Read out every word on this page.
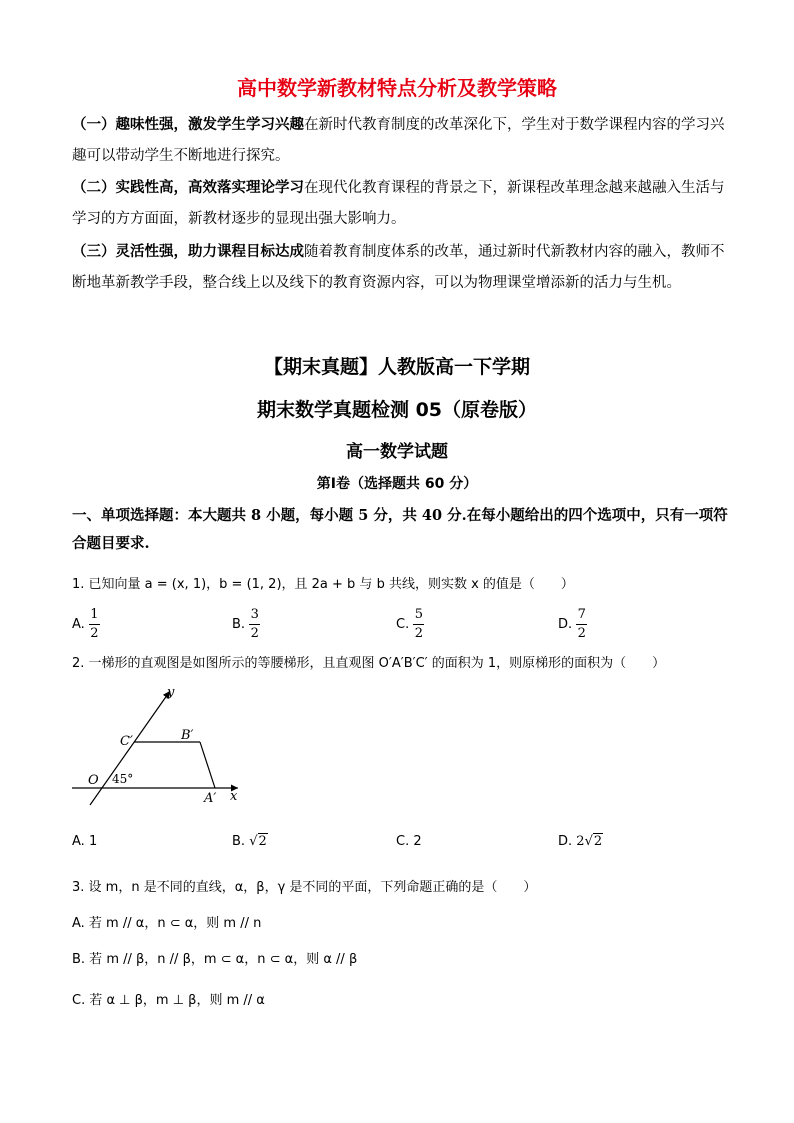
高中数学新教材特点分析及教学策略
（一）趣味性强，激发学生学习兴趣在新时代教育制度的改革深化下，学生对于数学课程内容的学习兴趣可以带动学生不断地进行探究。
（二）实践性高，高效落实理论学习在现代化教育课程的背景之下，新课程改革理念越来越融入生活与学习的方方面面，新教材逐步的显现出强大影响力。
（三）灵活性强，助力课程目标达成随着教育制度体系的改革，通过新时代新教材内容的融入，教师不断地革新教学手段，整合线上以及线下的教育资源内容，可以为物理课堂增添新的活力与生机。
【期末真题】人教版高一下学期
期末数学真题检测 05（原卷版）
高一数学试题
第Ⅰ卷（选择题共 60 分）
一、单项选择题：本大题共 8 小题，每小题 5 分，共 40 分.在每小题给出的四个选项中，只有一项符合题目要求.
1. 已知向量 a = (x, 1)，b = (1, 2)，且 2a + b 与 b 共线，则实数 x 的值是（　　）
A. $\frac{1}{2}$	B. $\frac{3}{2}$	C. $\frac{5}{2}$	D. $\frac{7}{2}$
2. 一梯形的直观图是如图所示的等腰梯形，且直观图 O′A′B′C′ 的面积为 1，则原梯形的面积为（　　）
y
x
O
A′
B′
C′
45°
A. 1	B. √2	C. 2	D. 2√2
3. 设 m，n 是不同的直线，α，β，γ 是不同的平面，下列命题正确的是（　　）
A. 若 m // α，n ⊂ α，则 m // n
B. 若 m // β，n // β，m ⊂ α，n ⊂ α，则 α // β
C. 若 α ⊥ β，m ⊥ β，则 m // α
